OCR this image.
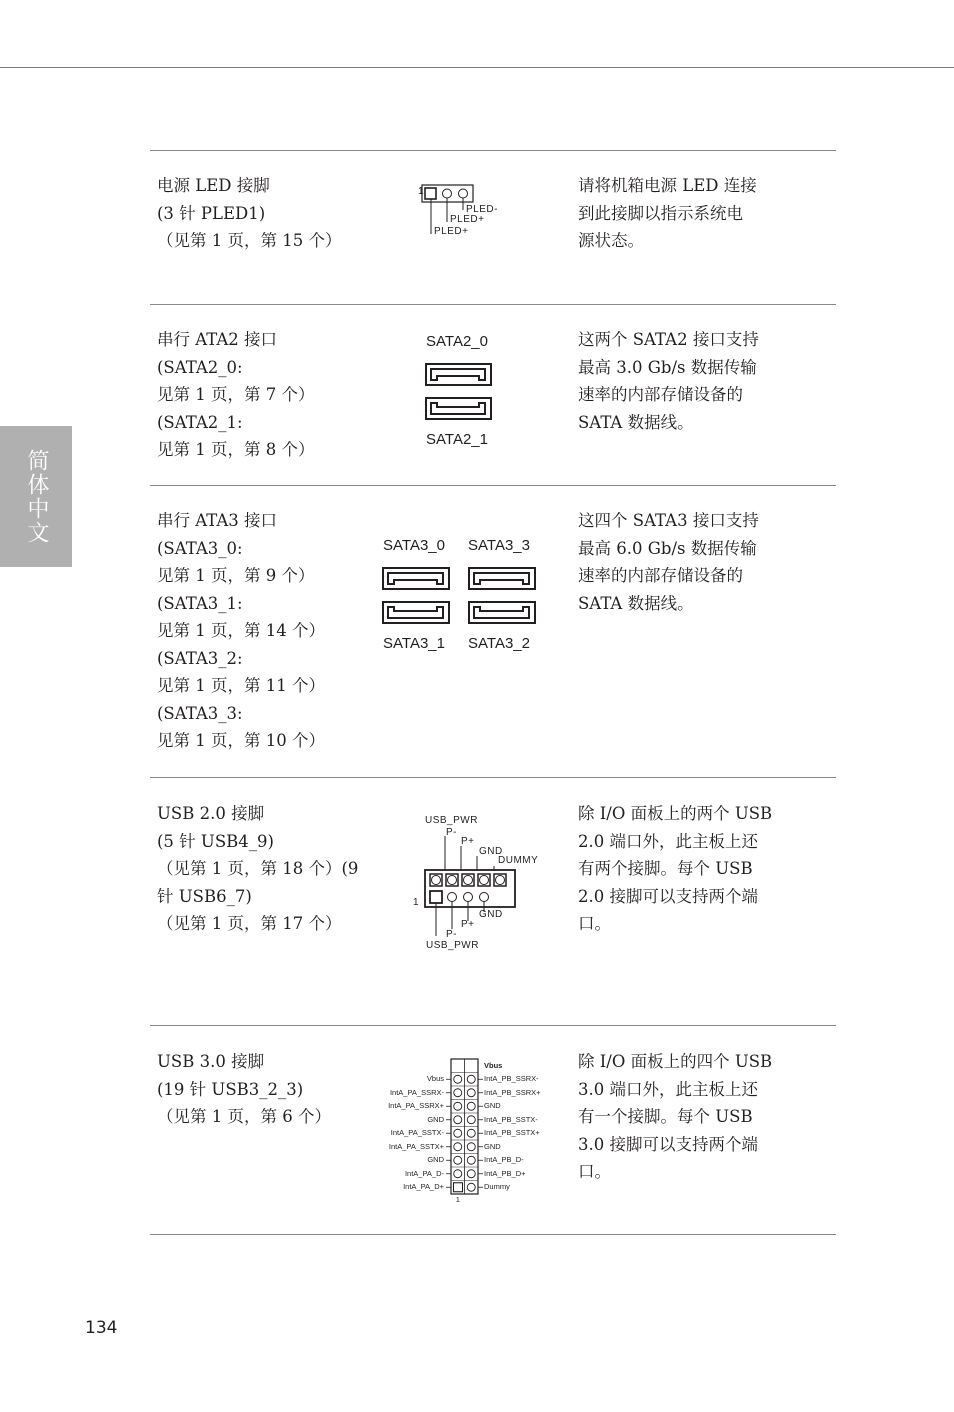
简体中文
电源 LED 接脚
(3 针 PLED1)
（见第 1 页，第 15 个）
1
PLED-
PLED+
PLED+
请将机箱电源 LED 连接
到此接脚以指示系统电
源状态。
串行 ATA2 接口
(SATA2_0:
见第 1 页，第 7 个）
(SATA2_1:
见第 1 页，第 8 个）
SATA2_0
SATA2_1
这两个 SATA2 接口支持
最高 3.0 Gb/s 数据传输
速率的内部存储设备的
SATA 数据线。
串行 ATA3 接口
(SATA3_0:
见第 1 页，第 9 个）
(SATA3_1:
见第 1 页，第 14 个）
(SATA3_2:
见第 1 页，第 11 个）
(SATA3_3:
见第 1 页，第 10 个）
SATA3_0 SATA3_3
SATA3_1 SATA3_2
这四个 SATA3 接口支持
最高 6.0 Gb/s 数据传输
速率的内部存储设备的
SATA 数据线。
USB 2.0 接脚
(5 针 USB4_9)
（见第 1 页，第 18 个）(9
针 USB6_7)
（见第 1 页，第 17 个）
USB_PWR
P-
P+
GND
DUMMY
1
GND
P+
P-
USB_PWR
除 I/O 面板上的两个 USB
2.0 端口外，此主板上还
有两个接脚。每个 USB
2.0 接脚可以支持两个端
口。
USB 3.0 接脚
(19 针 USB3_2_3)
（见第 1 页，第 6 个）
Vbus
IntA_PB_SSRX-
IntA_PB_SSRX+
GND
IntA_PB_SSTX-
IntA_PB_SSTX+
GND
IntA_PB_D-
IntA_PB_D+
Dummy
Vbus
IntA_PA_SSRX-
IntA_PA_SSRX+
GND
IntA_PA_SSTX-
IntA_PA_SSTX+
GND
IntA_PA_D-
IntA_PA_D+
1
除 I/O 面板上的四个 USB
3.0 端口外，此主板上还
有一个接脚。每个 USB
3.0 接脚可以支持两个端
口。
134
